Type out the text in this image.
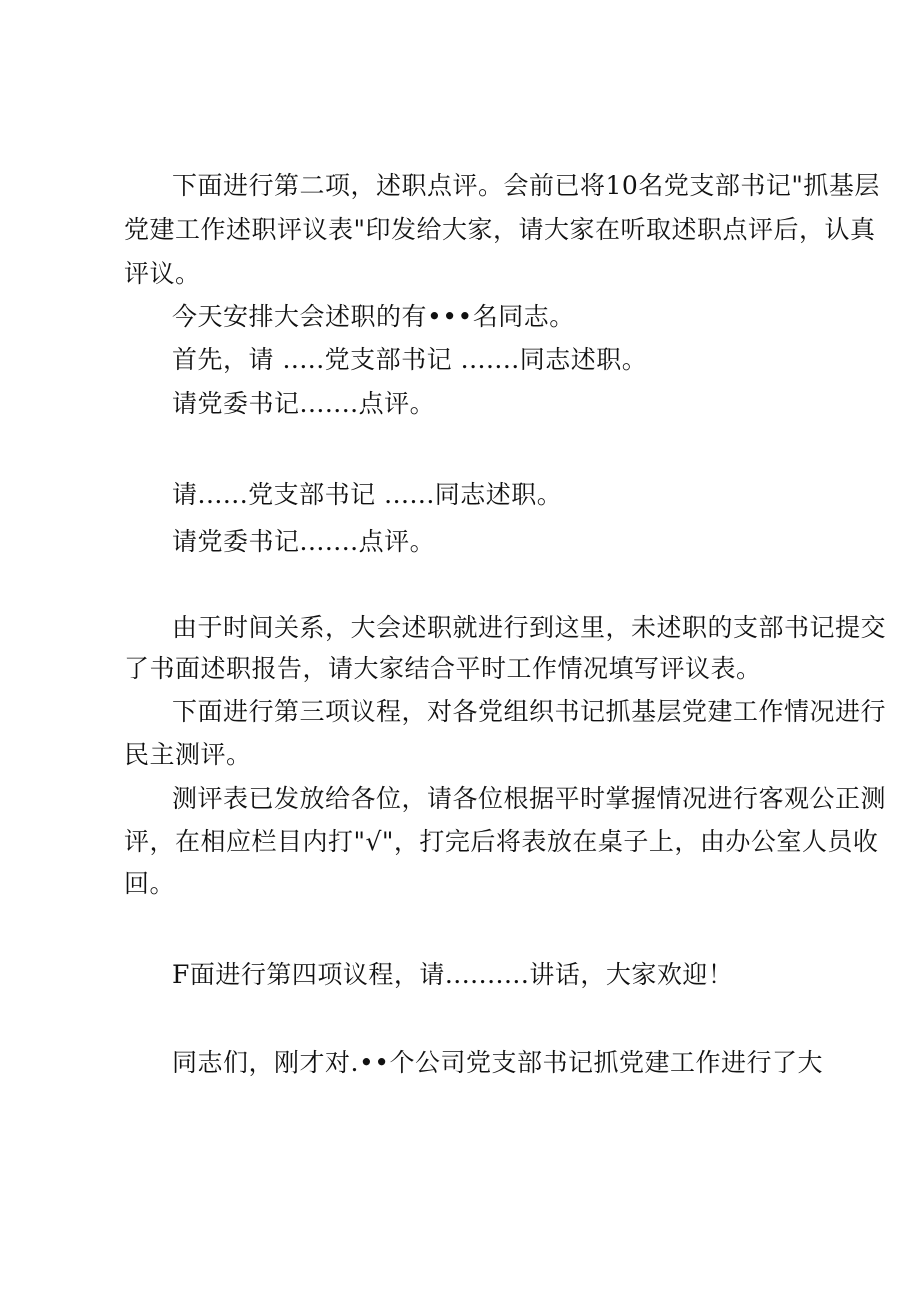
下面进行第二项，述职点评。会前已将10名党支部书记"抓基层
党建工作述职评议表"印发给大家，请大家在听取述职点评后，认真
评议。
今天安排大会述职的有•••名同志。
首先，请 .....党支部书记 .......同志述职。
请党委书记.......点评。
请......党支部书记 ......同志述职。
请党委书记.......点评。
由于时间关系，大会述职就进行到这里，未述职的支部书记提交
了书面述职报告，请大家结合平时工作情况填写评议表。
下面进行第三项议程，对各党组织书记抓基层党建工作情况进行
民主测评。
测评表已发放给各位，请各位根据平时掌握情况进行客观公正测
评，在相应栏目内打"√"，打完后将表放在桌子上，由办公室人员收
回。
F面进行第四项议程，请..........讲话，大家欢迎！
同志们，刚才对.••个公司党支部书记抓党建工作进行了大
